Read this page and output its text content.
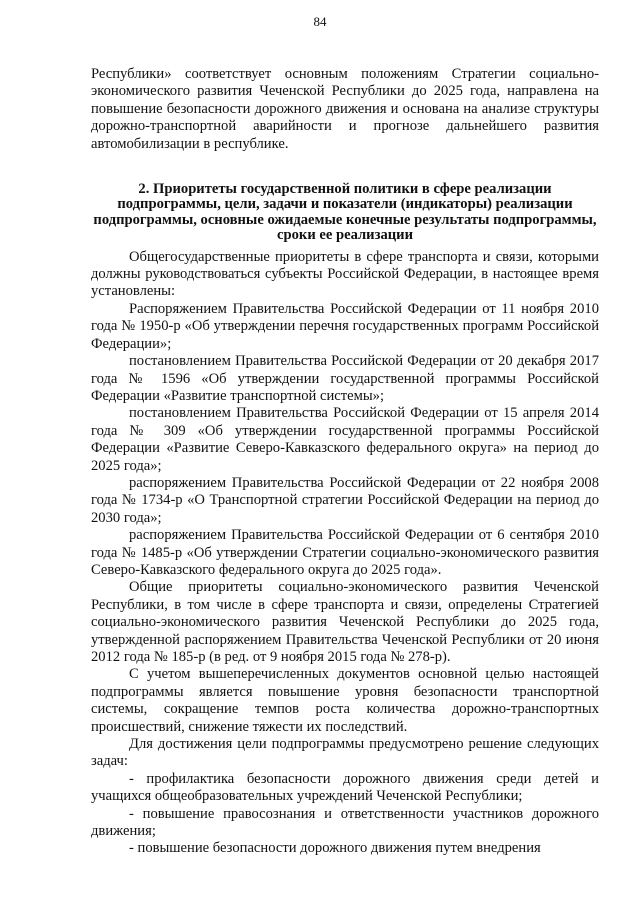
84

Республики» соответствует основным положениям Стратегии социально-экономического развития Чеченской Республики до 2025 года, направлена на повышение безопасности дорожного движения и основана на анализе структуры дорожно-транспортной аварийности и прогнозе дальнейшего развития автомобилизации в республике.

2. Приоритеты государственной политики в сфере реализации подпрограммы, цели, задачи и показатели (индикаторы) реализации подпрограммы, основные ожидаемые конечные результаты подпрограммы, сроки ее реализации

Общегосударственные приоритеты в сфере транспорта и связи, которыми должны руководствоваться субъекты Российской Федерации, в настоящее время установлены:

Распоряжением Правительства Российской Федерации от 11 ноября 2010 года № 1950-р «Об утверждении перечня государственных программ Российской Федерации»;

постановлением Правительства Российской Федерации от 20 декабря 2017 года № 1596 «Об утверждении государственной программы Российской Федерации «Развитие транспортной системы»;

постановлением Правительства Российской Федерации от 15 апреля 2014 года № 309 «Об утверждении государственной программы Российской Федерации «Развитие Северо-Кавказского федерального округа» на период до 2025 года»;

распоряжением Правительства Российской Федерации от 22 ноября 2008 года № 1734-р «О Транспортной стратегии Российской Федерации на период до 2030 года»;

распоряжением Правительства Российской Федерации от 6 сентября 2010 года № 1485-р «Об утверждении Стратегии социально-экономического развития Северо-Кавказского федерального округа до 2025 года».

Общие приоритеты социально-экономического развития Чеченской Республики, в том числе в сфере транспорта и связи, определены Стратегией социально-экономического развития Чеченской Республики до 2025 года, утвержденной распоряжением Правительства Чеченской Республики от 20 июня 2012 года № 185-р (в ред. от 9 ноября 2015 года № 278-р).

С учетом вышеперечисленных документов основной целью настоящей подпрограммы является повышение уровня безопасности транспортной системы, сокращение темпов роста количества дорожно-транспортных происшествий, снижение тяжести их последствий.

Для достижения цели подпрограммы предусмотрено решение следующих задач:

- профилактика безопасности дорожного движения среди детей и учащихся общеобразовательных учреждений Чеченской Республики;

- повышение правосознания и ответственности участников дорожного движения;

- повышение безопасности дорожного движения путем внедрения
